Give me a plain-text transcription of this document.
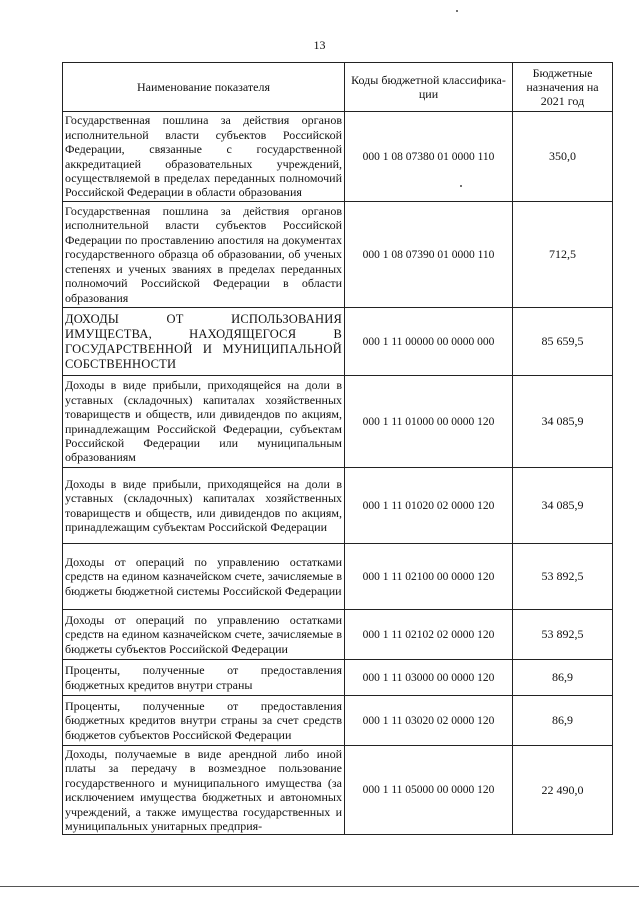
13
Наименование показателя	Коды бюджетной классифика-ции	Бюджетные назначения на 2021 год
Государственная пошлина за действия органов исполнительной власти субъектов Российской Федерации, связанные с государственной аккредитацией образовательных учреждений, осуществляемой в пределах переданных полномочий Российской Федерации в области образования	000 1 08 07380 01 0000 110	350,0
Государственная пошлина за действия органов исполнительной власти субъектов Российской Федерации по проставлению апостиля на документах государственного образца об образовании, об ученых степенях и ученых званиях в пределах переданных полномочий Российской Федерации в области образования	000 1 08 07390 01 0000 110	712,5
ДОХОДЫ ОТ ИСПОЛЬЗОВАНИЯ ИМУЩЕСТВА, НАХОДЯЩЕГОСЯ В ГОСУДАРСТВЕННОЙ И МУНИЦИПАЛЬНОЙ СОБСТВЕННОСТИ	000 1 11 00000 00 0000 000	85 659,5
Доходы в виде прибыли, приходящейся на доли в уставных (складочных) капиталах хозяйственных товариществ и обществ, или дивидендов по акциям, принадлежащим Российской Федерации, субъектам Российской Федерации или муниципальным образованиям	000 1 11 01000 00 0000 120	34 085,9
Доходы в виде прибыли, приходящейся на доли в уставных (складочных) капиталах хозяйственных товариществ и обществ, или дивидендов по акциям, принадлежащим субъектам Российской Федерации	000 1 11 01020 02 0000 120	34 085,9
Доходы от операций по управлению остатками средств на едином казначейском счете, зачисляемые в бюджеты бюджетной системы Российской Федерации	000 1 11 02100 00 0000 120	53 892,5
Доходы от операций по управлению остатками средств на едином казначейском счете, зачисляемые в бюджеты субъектов Российской Федерации	000 1 11 02102 02 0000 120	53 892,5
Проценты, полученные от предоставления бюджетных кредитов внутри страны	000 1 11 03000 00 0000 120	86,9
Проценты, полученные от предоставления бюджетных кредитов внутри страны за счет средств бюджетов субъектов Российской Федерации	000 1 11 03020 02 0000 120	86,9
Доходы, получаемые в виде арендной либо иной платы за передачу в возмездное пользование государственного и муниципального имущества (за исключением имущества бюджетных и автономных учреждений, а также имущества государственных и муниципальных унитарных предприя-	000 1 11 05000 00 0000 120	22 490,0
